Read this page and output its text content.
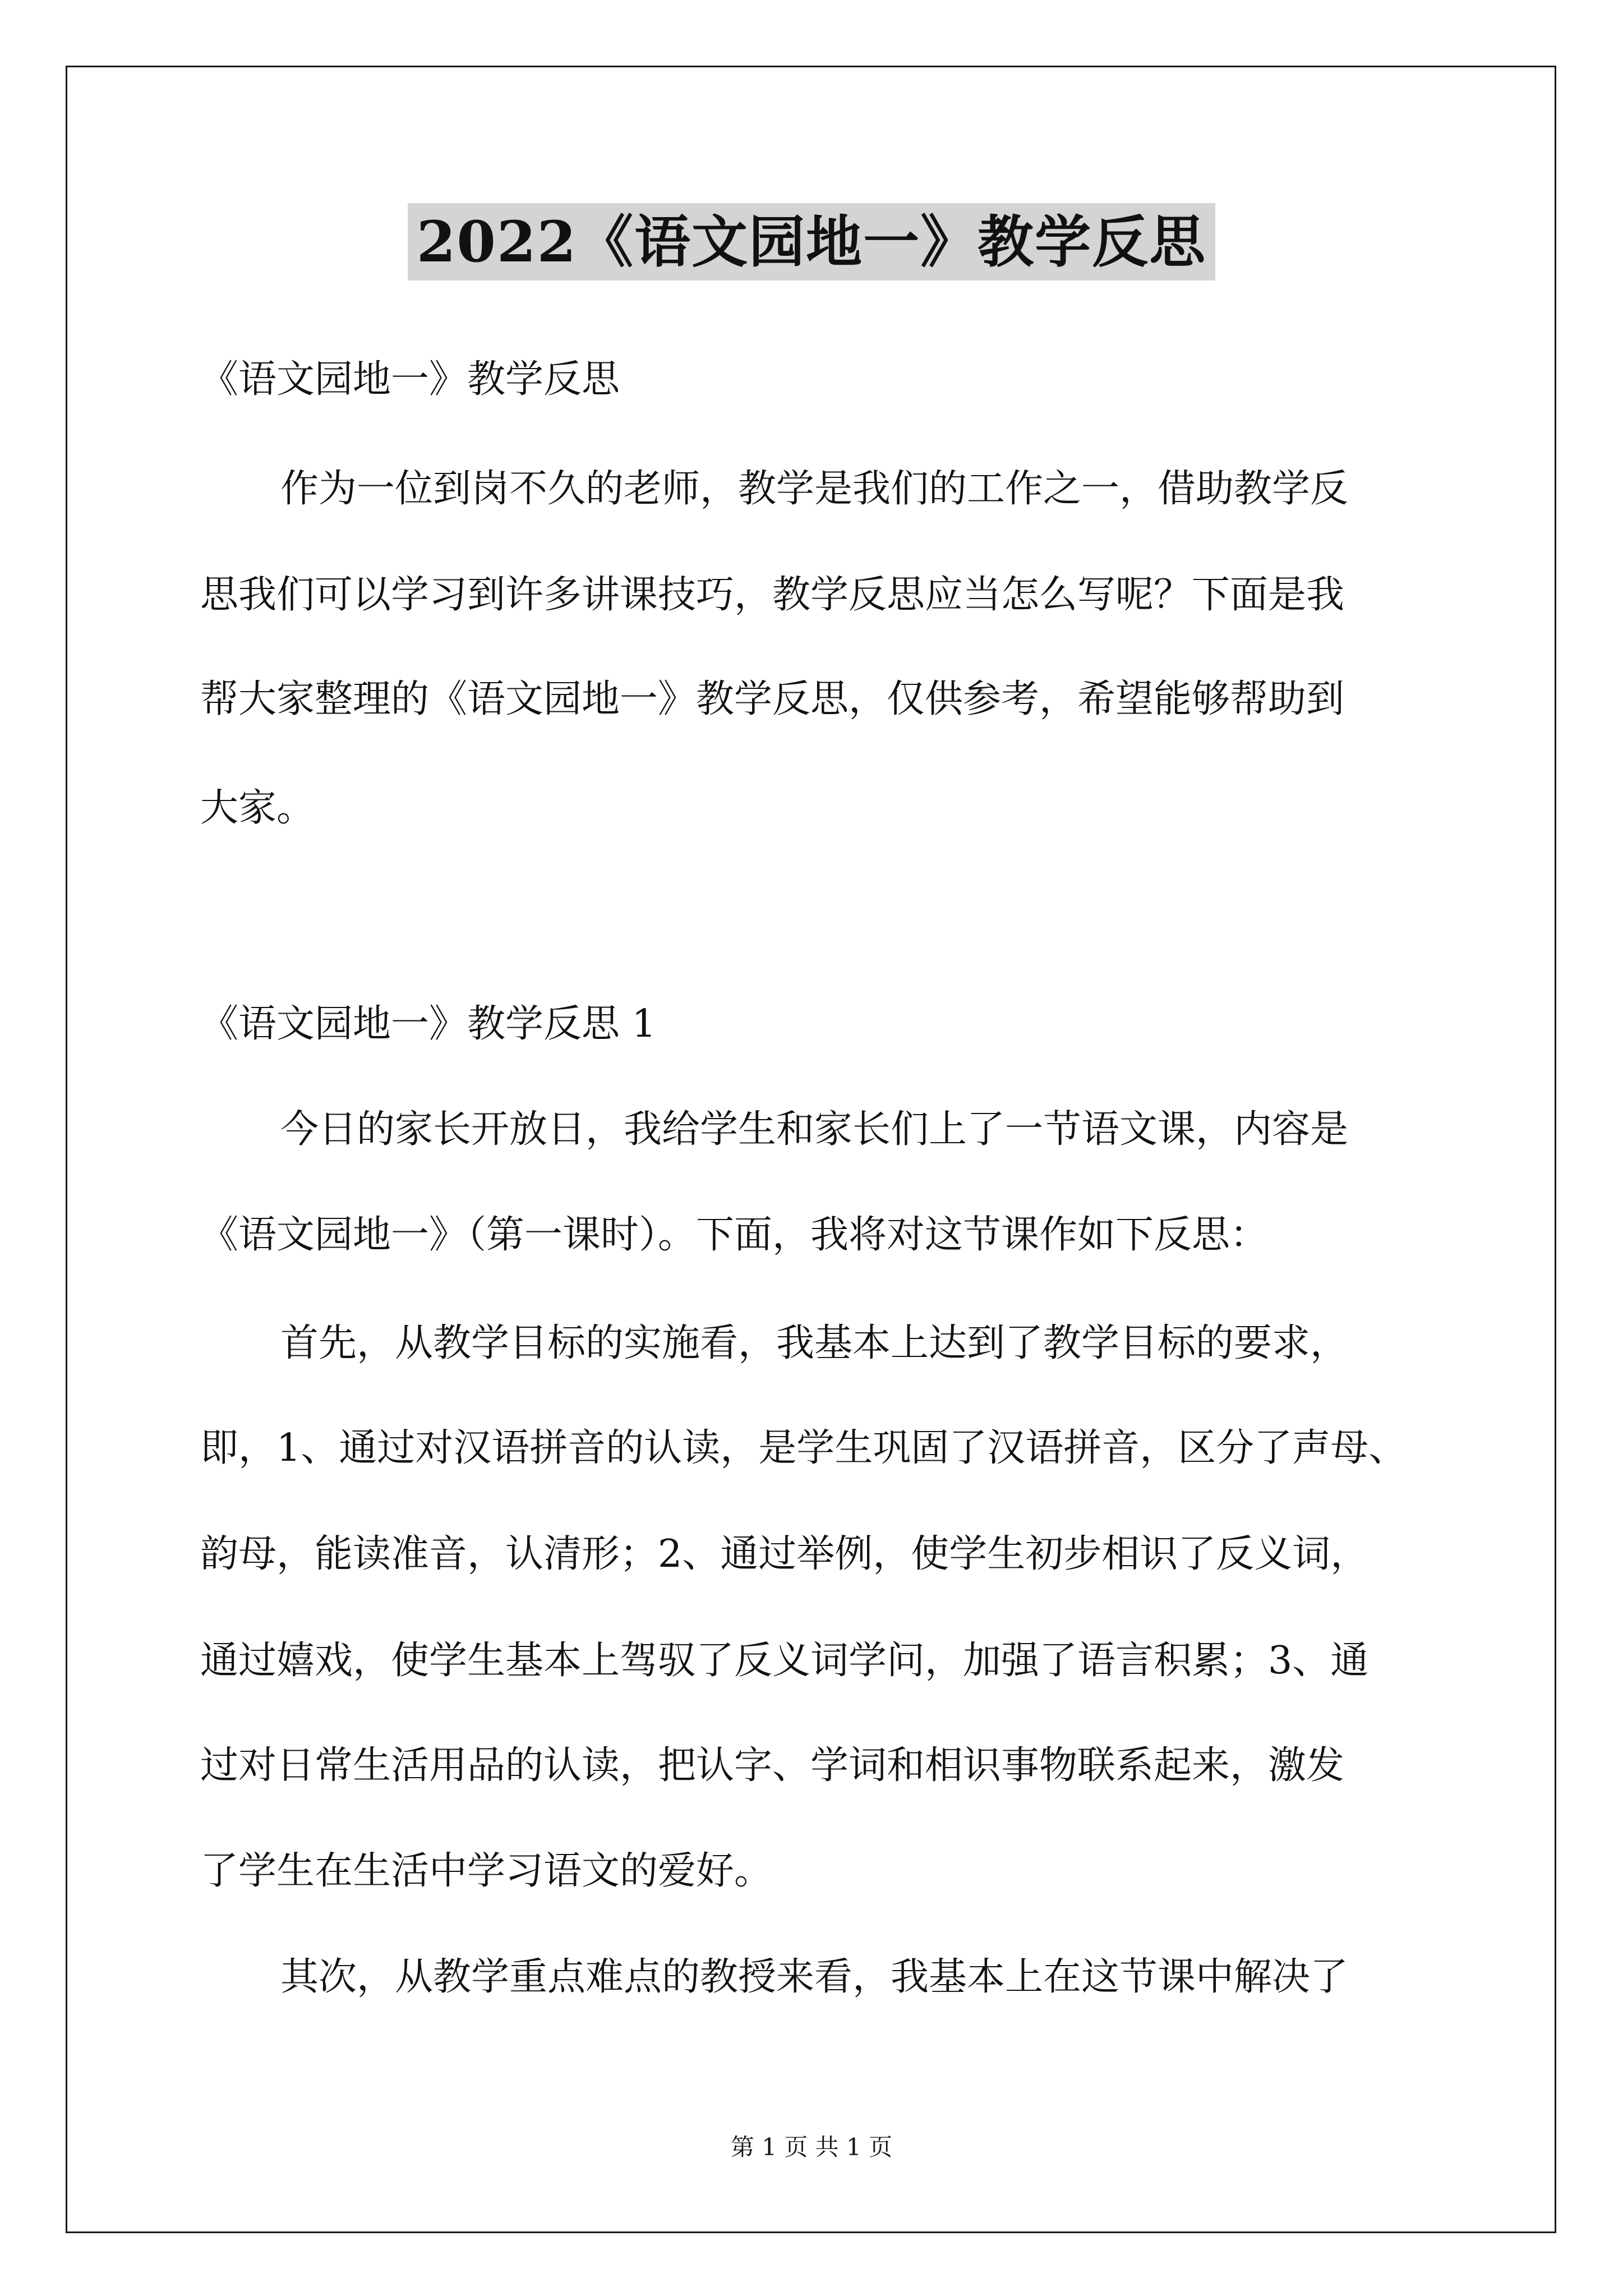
2022《语文园地一》教学反思
《语文园地一》教学反思
作为一位到岗不久的老师，教学是我们的工作之一，借助教学反
思我们可以学习到许多讲课技巧，教学反思应当怎么写呢？下面是我
帮大家整理的《语文园地一》教学反思，仅供参考，希望能够帮助到
大家。
《语文园地一》教学反思 1
今日的家长开放日，我给学生和家长们上了一节语文课，内容是
《语文园地一》（第一课时）。下面，我将对这节课作如下反思：
首先，从教学目标的实施看，我基本上达到了教学目标的要求，
即，1、通过对汉语拼音的认读，是学生巩固了汉语拼音，区分了声母、
韵母，能读准音，认清形；2、通过举例，使学生初步相识了反义词，
通过嬉戏，使学生基本上驾驭了反义词学问，加强了语言积累；3、通
过对日常生活用品的认读，把认字、学词和相识事物联系起来，激发
了学生在生活中学习语文的爱好。
其次，从教学重点难点的教授来看，我基本上在这节课中解决了
第 1 页 共 1 页
